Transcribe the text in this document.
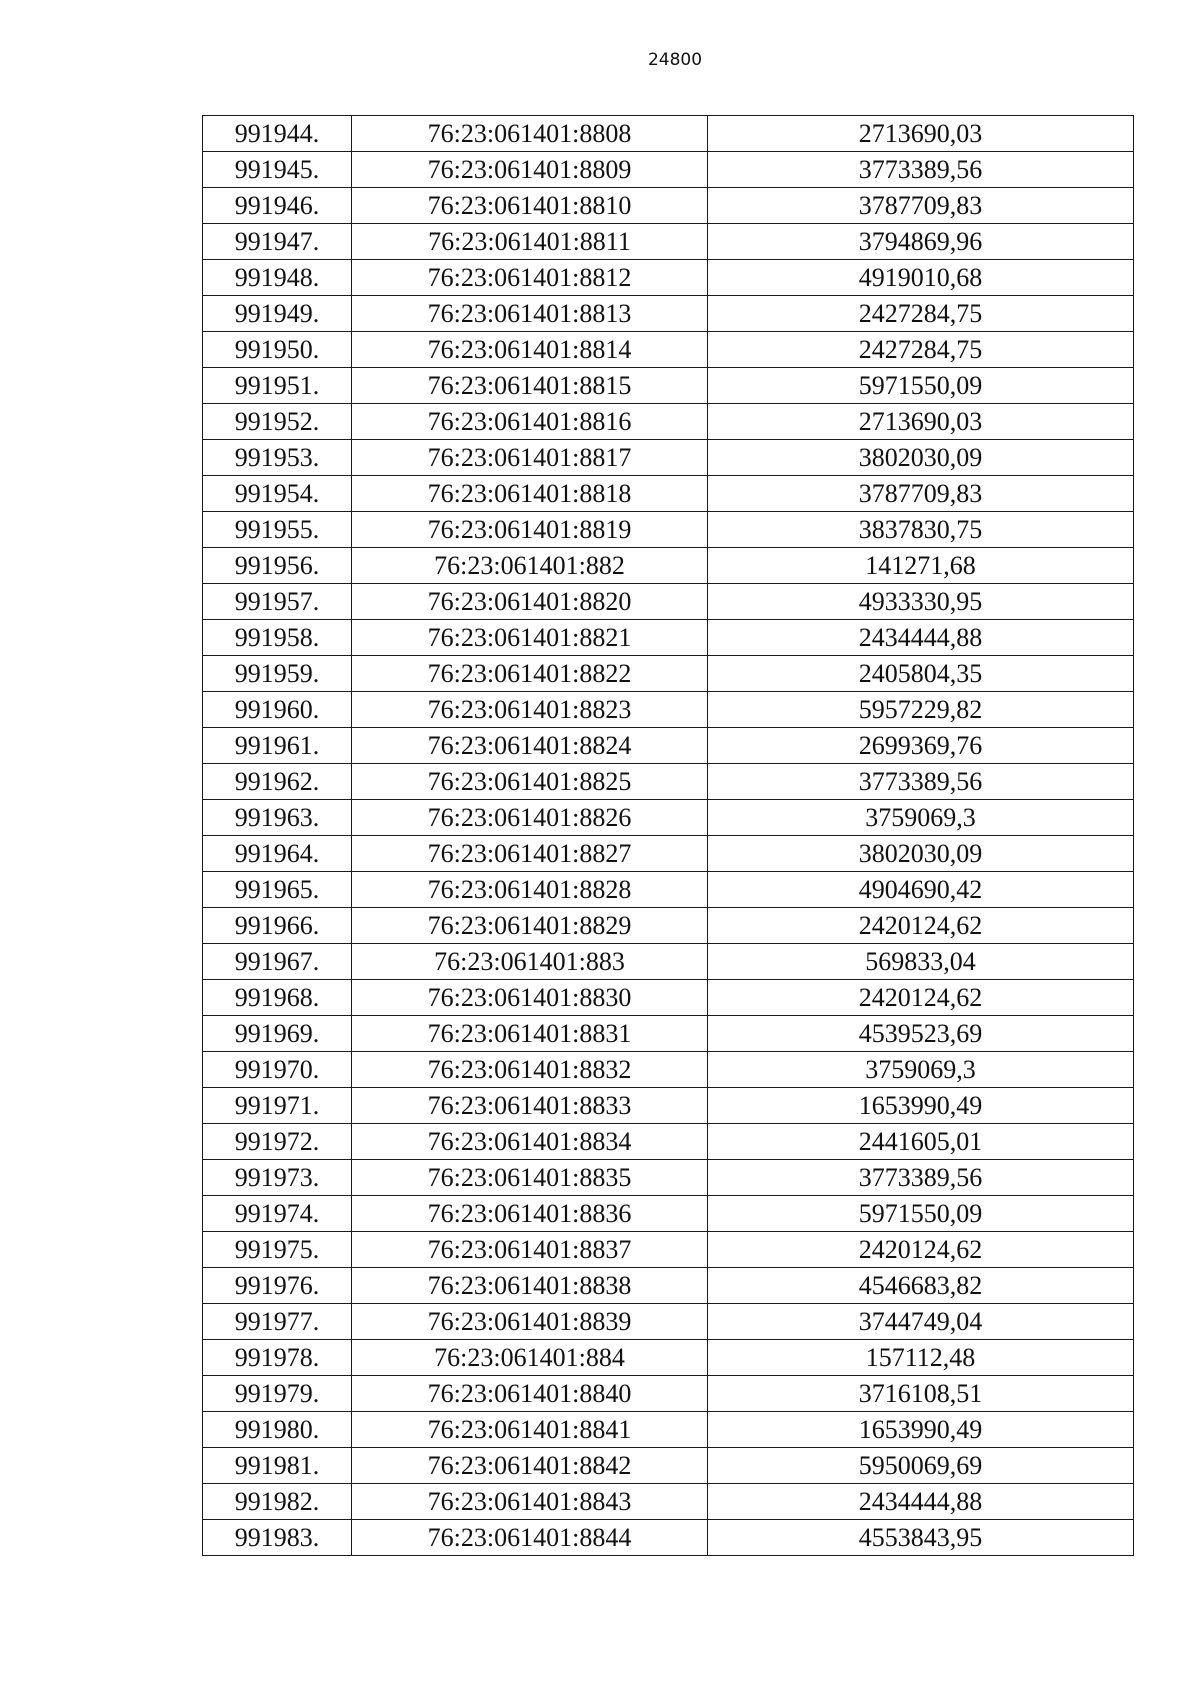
24800
991944.	76:23:061401:8808	2713690,03
991945.	76:23:061401:8809	3773389,56
991946.	76:23:061401:8810	3787709,83
991947.	76:23:061401:8811	3794869,96
991948.	76:23:061401:8812	4919010,68
991949.	76:23:061401:8813	2427284,75
991950.	76:23:061401:8814	2427284,75
991951.	76:23:061401:8815	5971550,09
991952.	76:23:061401:8816	2713690,03
991953.	76:23:061401:8817	3802030,09
991954.	76:23:061401:8818	3787709,83
991955.	76:23:061401:8819	3837830,75
991956.	76:23:061401:882	141271,68
991957.	76:23:061401:8820	4933330,95
991958.	76:23:061401:8821	2434444,88
991959.	76:23:061401:8822	2405804,35
991960.	76:23:061401:8823	5957229,82
991961.	76:23:061401:8824	2699369,76
991962.	76:23:061401:8825	3773389,56
991963.	76:23:061401:8826	3759069,3
991964.	76:23:061401:8827	3802030,09
991965.	76:23:061401:8828	4904690,42
991966.	76:23:061401:8829	2420124,62
991967.	76:23:061401:883	569833,04
991968.	76:23:061401:8830	2420124,62
991969.	76:23:061401:8831	4539523,69
991970.	76:23:061401:8832	3759069,3
991971.	76:23:061401:8833	1653990,49
991972.	76:23:061401:8834	2441605,01
991973.	76:23:061401:8835	3773389,56
991974.	76:23:061401:8836	5971550,09
991975.	76:23:061401:8837	2420124,62
991976.	76:23:061401:8838	4546683,82
991977.	76:23:061401:8839	3744749,04
991978.	76:23:061401:884	157112,48
991979.	76:23:061401:8840	3716108,51
991980.	76:23:061401:8841	1653990,49
991981.	76:23:061401:8842	5950069,69
991982.	76:23:061401:8843	2434444,88
991983.	76:23:061401:8844	4553843,95
